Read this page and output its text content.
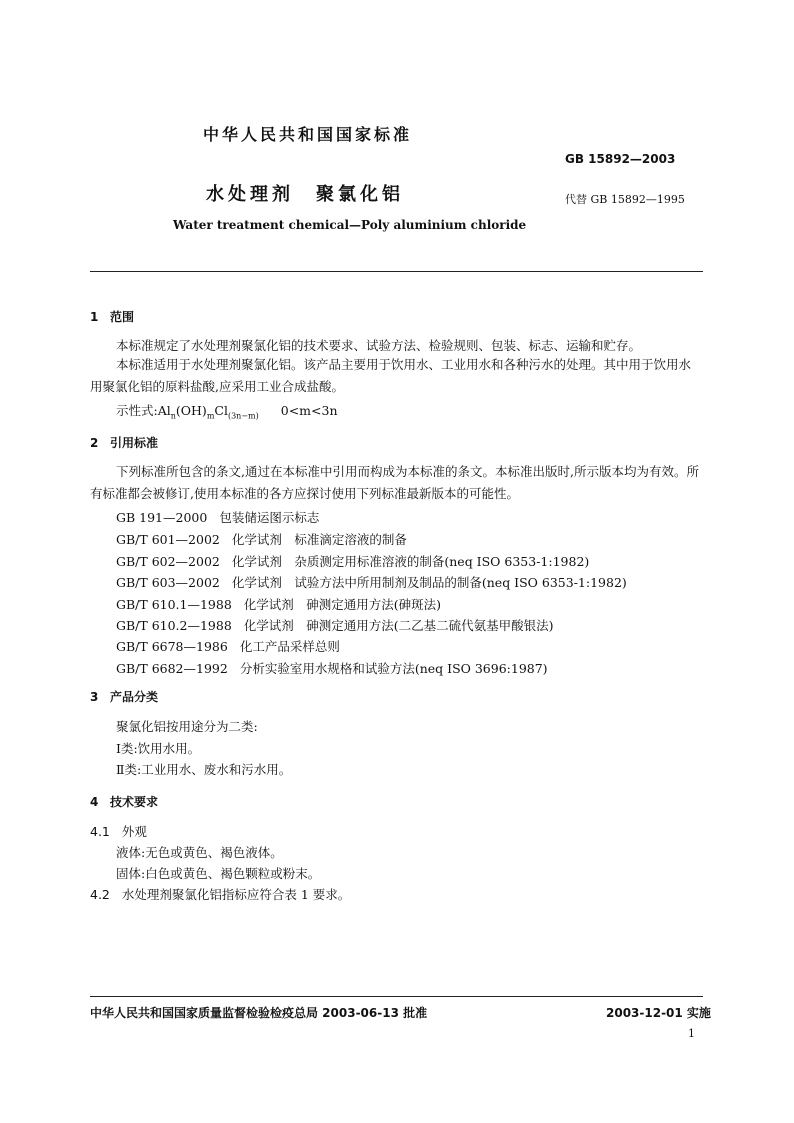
中华人民共和国国家标准
GB 15892—2003
水处理剂 聚氯化铝	代替 GB 15892—1995
Water treatment chemical—Poly aluminium chloride
1 范围
本标准规定了水处理剂聚氯化铝的技术要求、试验方法、检验规则、包装、标志、运输和贮存。
本标准适用于水处理剂聚氯化铝。该产品主要用于饮用水、工业用水和各种污水的处理。其中用于饮用水用聚氯化铝的原料盐酸,应采用工业合成盐酸。
示性式$:Al_n(OH)_mCl_{(3n-m)}$ 0<m<3n
2 引用标准
下列标准所包含的条文,通过在本标准中引用而构成为本标准的条文。本标准出版时,所示版本均为有效。所有标准都会被修订,使用本标准的各方应探讨使用下列标准最新版本的可能性。
GB 191—2000 包装储运图示标志
GB/T 601—2002 化学试剂　标准滴定溶液的制备
GB/T 602—2002 化学试剂　杂质测定用标准溶液的制备(neq ISO 6353-1:1982)
GB/T 603—2002 化学试剂　试验方法中所用制剂及制品的制备(neq ISO 6353-1:1982)
GB/T 610.1—1988 化学试剂　砷测定通用方法(砷斑法)
GB/T 610.2—1988 化学试剂　砷测定通用方法(二乙基二硫代氨基甲酸银法)
GB/T 6678—1986 化工产品采样总则
GB/T 6682—1992 分析实验室用水规格和试验方法(neq ISO 3696:1987)
3 产品分类
聚氯化铝按用途分为二类:
Ⅰ类:饮用水用。
Ⅱ类:工业用水、废水和污水用。
4 技术要求
4.1 外观
液体:无色或黄色、褐色液体。
固体:白色或黄色、褐色颗粒或粉末。
4.2 水处理剂聚氯化铝指标应符合表 1 要求。
中华人民共和国国家质量监督检验检疫总局 2003-06-13 批准	2003-12-01 实施
1
